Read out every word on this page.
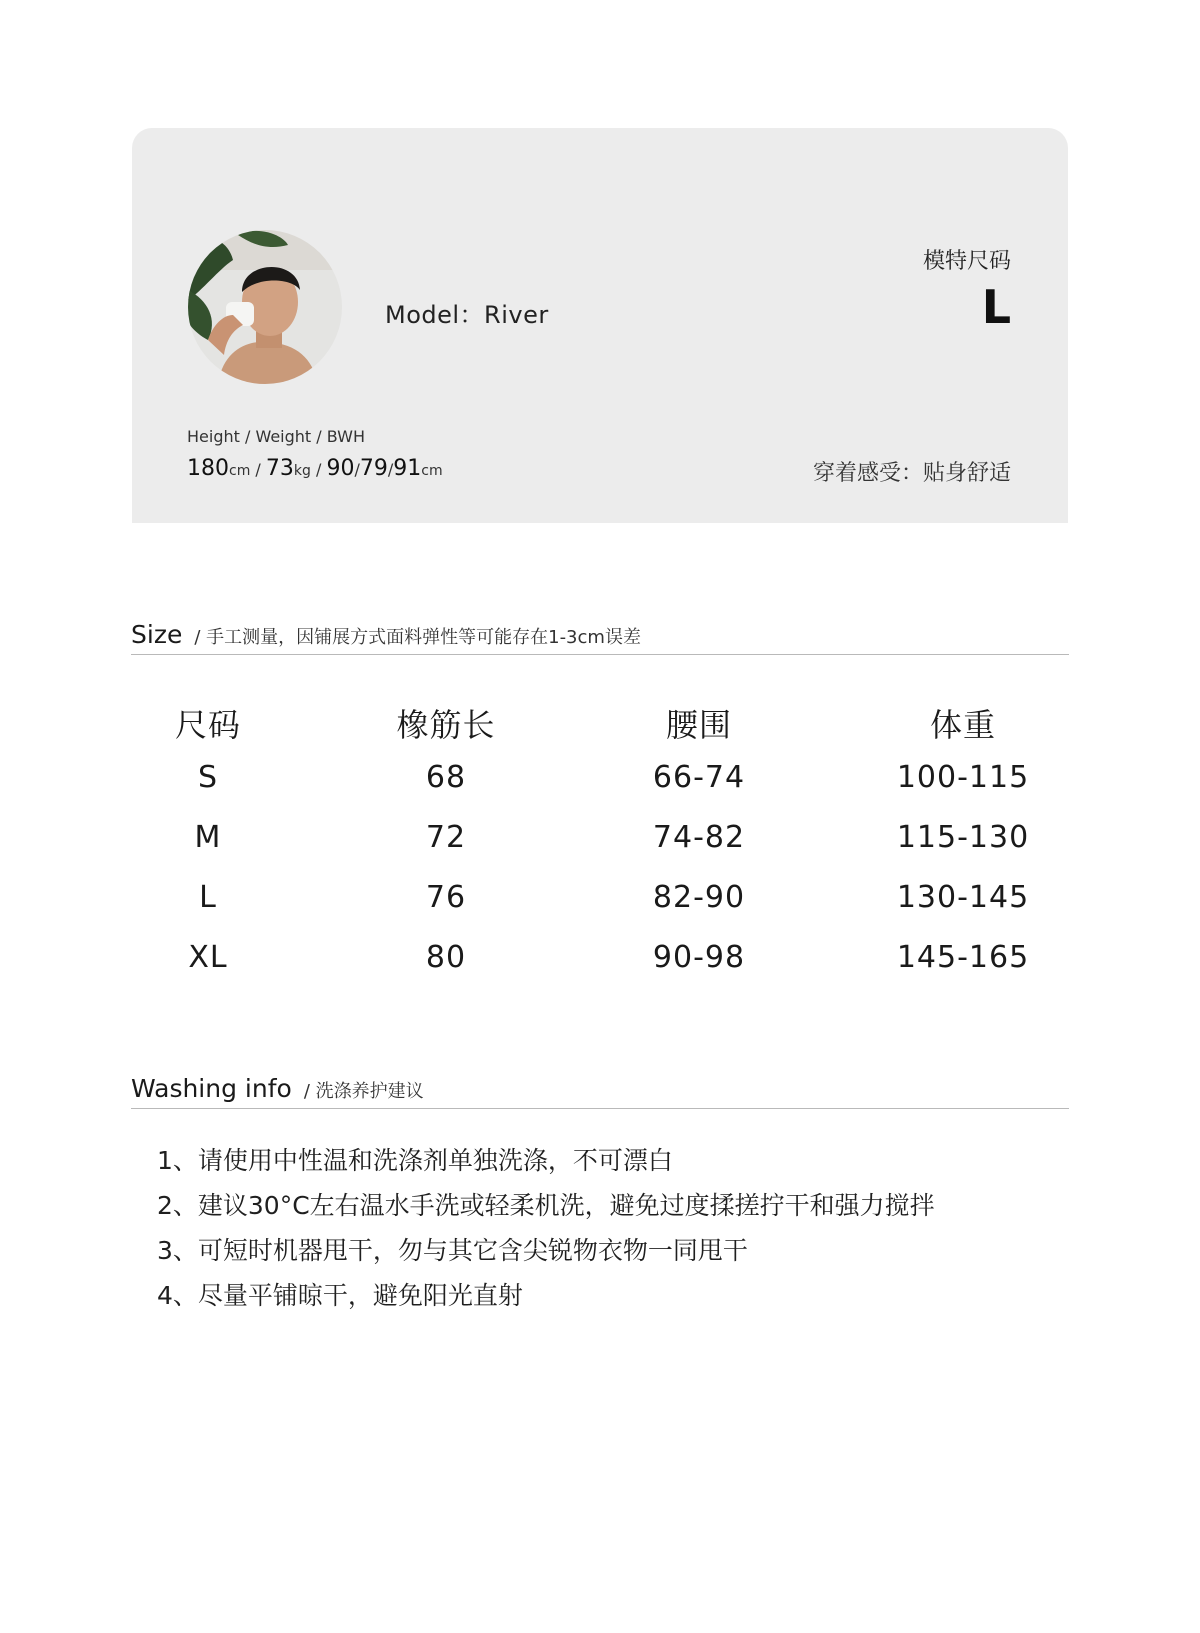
Model：River
模特尺码
L
Height / Weight / BWH
180cm / 73kg / 90/79/91cm	穿着感受：贴身舒适
Size / 手工测量，因铺展方式面料弹性等可能存在1-3cm误差
尺码	橡筋长	腰围	体重
S	68	66-74	100-115
M	72	74-82	115-130
L	76	82-90	130-145
XL	80	90-98	145-165
Washing info / 洗涤养护建议
1、请使用中性温和洗涤剂单独洗涤，不可漂白
2、建议30°C左右温水手洗或轻柔机洗，避免过度揉搓拧干和强力搅拌
3、可短时机器甩干，勿与其它含尖锐物衣物一同甩干
4、尽量平铺晾干，避免阳光直射
